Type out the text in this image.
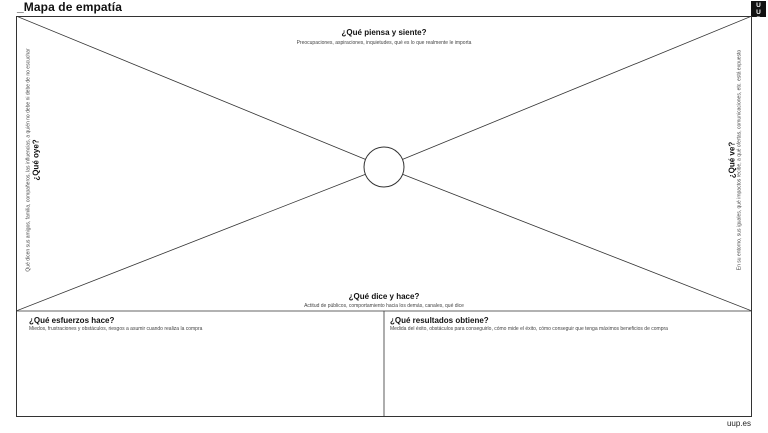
_Mapa de empatía	U
U
P
¿Qué piensa y siente?
Preocupaciones, aspiraciones, inquietudes, qué es lo que realmente le importa
Qué dicen sus amigos, familia, compañeros, las influencias, a quién no debe ni debe de no escuchar ¿Qué oye?	¿Qué ve? En su entorno, sus iguales, qué impactos recibe, a qué ofertas, comunicaciones, etc. está expuesto
¿Qué dice y hace?
Actitud de públicos, comportamiento hacia los demás, canales, qué dice
¿Qué esfuerzos hace?
Miedos, frustraciones y obstáculos, riesgos a asumir cuando realiza la compra
¿Qué resultados obtiene?
Medida del éxito, obstáculos para conseguirlo, cómo mide el éxito, cómo conseguir que tenga máximos beneficios de compra
uup.es
